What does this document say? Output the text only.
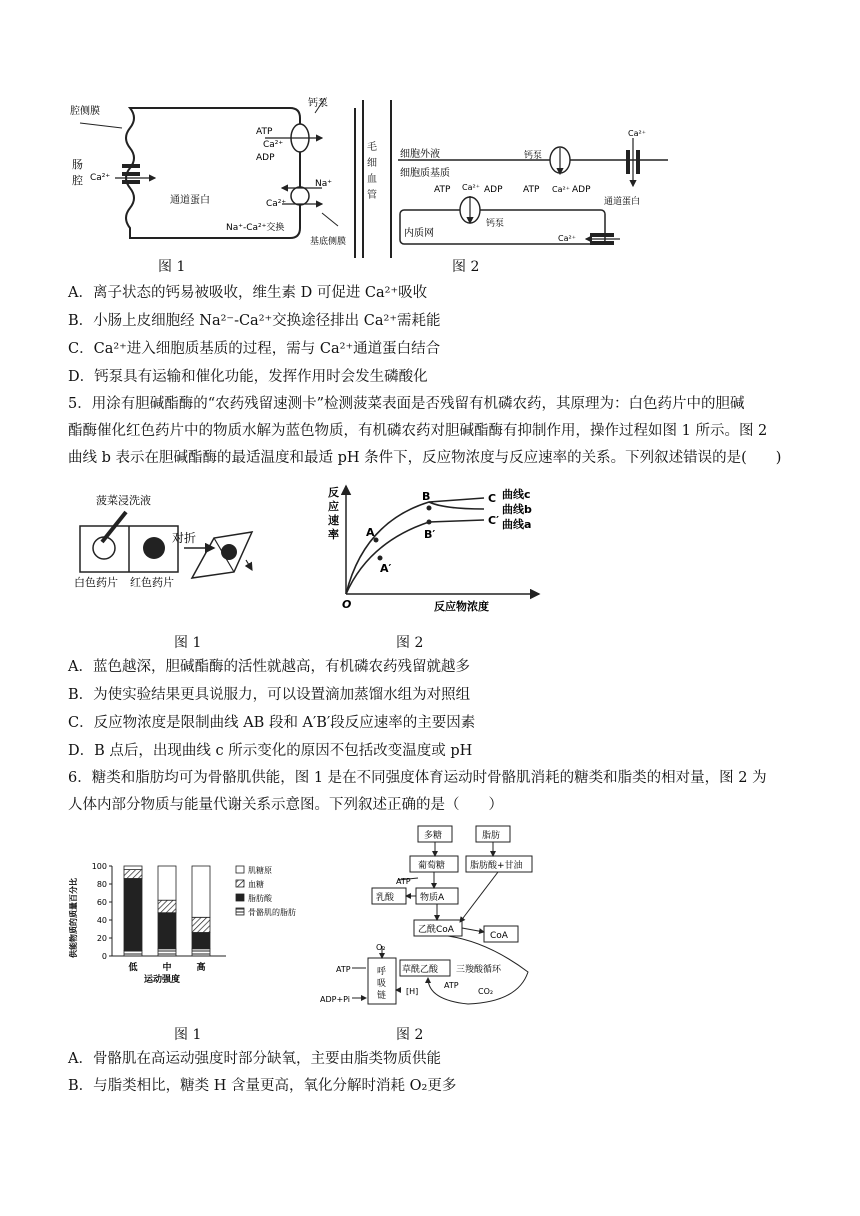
腔侧膜
肠
腔 Ca²⁺
通道蛋白
钙泵
ATP
Ca²⁺
ADP
Na⁺
Ca²⁺
Na⁺-Ca²⁺交换
基底侧膜
毛
细
血
管
Ca²⁺
细胞外液
细胞质基质
钙泵
ATP Ca²⁺ ADP ATP Ca²⁺ ADP
钙泵
通道蛋白
内质网	Ca²⁺
图 1	图 2
A．离子状态的钙易被吸收，维生素 D 可促进 Ca²⁺吸收
B．小肠上皮细胞经 Na²⁻-Ca²⁺交换途径排出 Ca²⁺需耗能
C．Ca²⁺进入细胞质基质的过程，需与 Ca²⁺通道蛋白结合
D．钙泵具有运输和催化功能，发挥作用时会发生磷酸化
5．用涂有胆碱酯酶的“农药残留速测卡”检测菠菜表面是否残留有机磷农药，其原理为：白色药片中的胆碱
酯酶催化红色药片中的物质水解为蓝色物质，有机磷农药对胆碱酯酶有抑制作用，操作过程如图 1 所示。图 2
曲线 b 表示在胆碱酯酶的最适温度和最适 pH 条件下，反应物浓度与反应速率的关系。下列叙述错误的是(　　)
菠菜浸洗液
对折
白色药片 红色药片
A
A′
B
B′
C
C′
曲线c
曲线b
曲线a
O	反应物浓度
反
应
速
率
图 1	图 2
A．蓝色越深，胆碱酯酶的活性就越高，有机磷农药残留就越多
B．为使实验结果更具说服力，可以设置滴加蒸馏水组为对照组
C．反应物浓度是限制曲线 AB 段和 A′B′段反应速率的主要因素
D．B 点后，出现曲线 c 所示变化的原因不包括改变温度或 pH
6．糖类和脂肪均可为骨骼肌供能，图 1 是在不同强度体育运动时骨骼肌消耗的糖类和脂类的相对量，图 2 为
人体内部分物质与能量代谢关系示意图。下列叙述正确的是（　　）
供能物质的质量百分比	0
20
40
60
80
100
低	中	高
运动强度
肌糖原
血糖
脂肪酸
骨骼肌的脂肪
多糖	脂肪
葡萄糖	脂肪酸+甘油
ATP
乳酸	物质A
乙酰CoA
CoA
O₂
ATP	呼
吸
链
ADP+Pi
草酰乙酸 三羧酸循环
[H]
ATP
CO₂
图 1	图 2
A．骨骼肌在高运动强度时部分缺氧，主要由脂类物质供能
B．与脂类相比，糖类 H 含量更高，氧化分解时消耗 O₂更多
